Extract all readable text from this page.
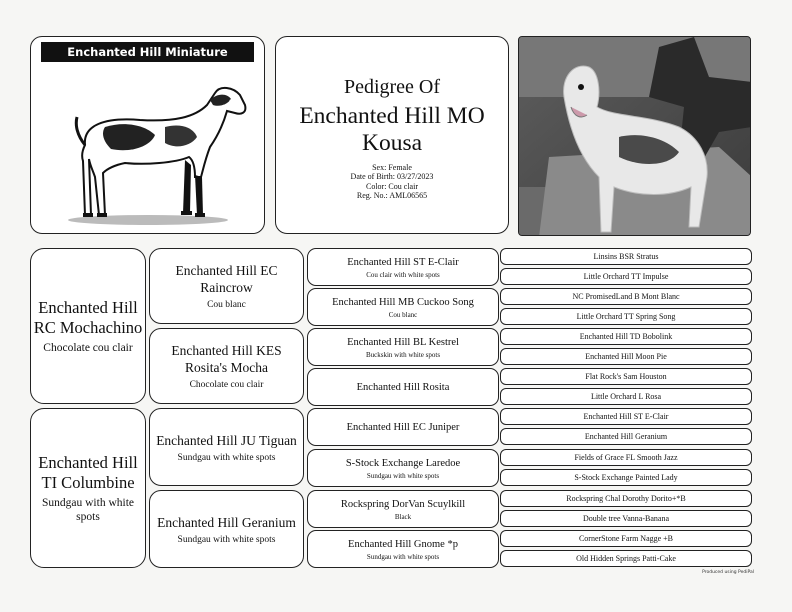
Enchanted Hill Miniature LaManchas
Pedigree Of
Enchanted Hill MO Kousa
Sex: Female
Date of Birth: 03/27/2023
Color: Cou clair
Reg. No.: AML06565
Enchanted Hill RC Mochachino
Chocolate cou clair
Enchanted Hill TI Columbine
Sundgau with white spots
Enchanted Hill EC Raincrow
Cou blanc
Enchanted Hill KES Rosita's Mocha
Chocolate cou clair
Enchanted Hill JU Tiguan
Sundgau with white spots
Enchanted Hill Geranium
Sundgau with white spots
Enchanted Hill ST E-Clair
Cou clair with white spots
Enchanted Hill MB Cuckoo Song
Cou blanc
Enchanted Hill BL Kestrel
Buckskin with white spots
Enchanted Hill Rosita
Enchanted Hill EC Juniper
S-Stock Exchange Laredoe
Sundgau with white spots
Rockspring DorVan Scuylkill
Black
Enchanted Hill Gnome *p
Sundgau with white spots
Linsins BSR Stratus
Little Orchard TT Impulse
NC PromisedLand B Mont Blanc
Little Orchard TT Spring Song
Enchanted Hill TD Bobolink
Enchanted Hill Moon Pie
Flat Rock's Sam Houston
Little Orchard L Rosa
Enchanted Hill ST E-Clair
Enchanted Hill Geranium
Fields of Grace FL Smooth Jazz
S-Stock Exchange Painted Lady
Rockspring Chal Dorothy Dorito+*B
Double tree Vanna-Banana
CornerStone Farm Nagge +B
Old Hidden Springs Patti-Cake
Produced using PediPal
